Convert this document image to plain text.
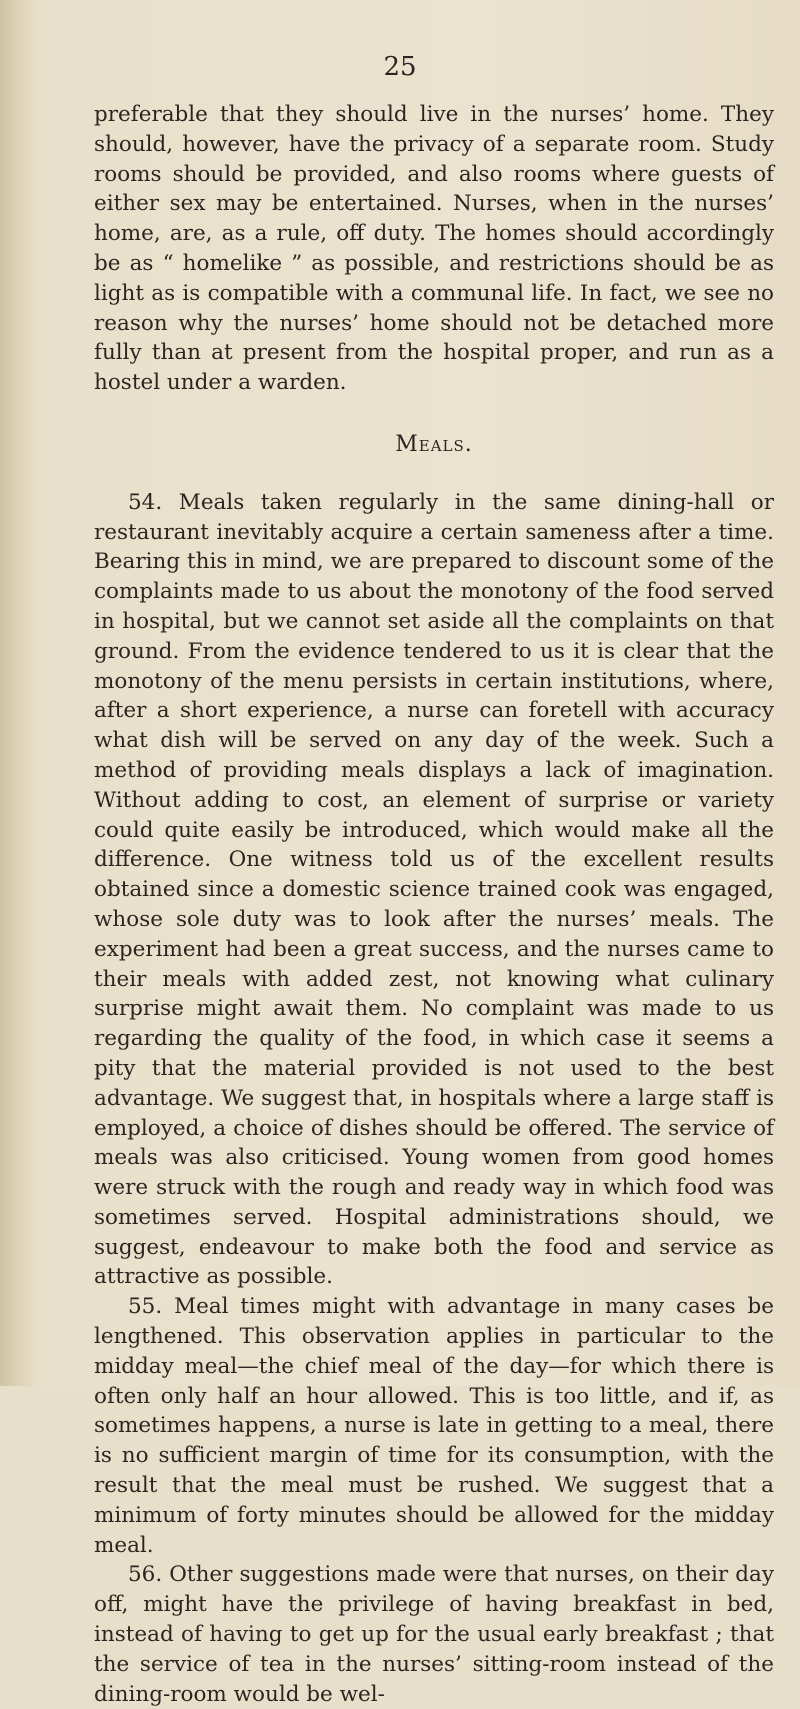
25

preferable that they should live in the nurses’ home. They should, however, have the privacy of a separate room. Study rooms should be provided, and also rooms where guests of either sex may be entertained. Nurses, when in the nurses’ home, are, as a rule, off duty. The homes should accordingly be as “ homelike ” as possible, and restrictions should be as light as is compatible with a communal life. In fact, we see no reason why the nurses’ home should not be detached more fully than at present from the hospital proper, and run as a hostel under a warden.

Meals.

54. Meals taken regularly in the same dining-hall or restaurant inevitably acquire a certain sameness after a time. Bearing this in mind, we are prepared to discount some of the complaints made to us about the monotony of the food served in hospital, but we cannot set aside all the complaints on that ground. From the evidence tendered to us it is clear that the monotony of the menu persists in certain institutions, where, after a short experience, a nurse can foretell with accuracy what dish will be served on any day of the week. Such a method of providing meals displays a lack of imagination. Without adding to cost, an element of surprise or variety could quite easily be introduced, which would make all the difference. One witness told us of the excellent results obtained since a domestic science trained cook was engaged, whose sole duty was to look after the nurses’ meals. The experiment had been a great success, and the nurses came to their meals with added zest, not knowing what culinary surprise might await them. No complaint was made to us regarding the quality of the food, in which case it seems a pity that the material provided is not used to the best advantage. We suggest that, in hospitals where a large staff is employed, a choice of dishes should be offered. The service of meals was also criticised. Young women from good homes were struck with the rough and ready way in which food was sometimes served. Hospital administrations should, we suggest, endeavour to make both the food and service as attractive as possible.

55. Meal times might with advantage in many cases be lengthened. This observation applies in particular to the midday meal—the chief meal of the day—for which there is often only half an hour allowed. This is too little, and if, as sometimes happens, a nurse is late in getting to a meal, there is no sufficient margin of time for its consumption, with the result that the meal must be rushed. We suggest that a minimum of forty minutes should be allowed for the midday meal.

56. Other suggestions made were that nurses, on their day off, might have the privilege of having breakfast in bed, instead of having to get up for the usual early breakfast ; that the service of tea in the nurses’ sitting-room instead of the dining-room would be wel-
